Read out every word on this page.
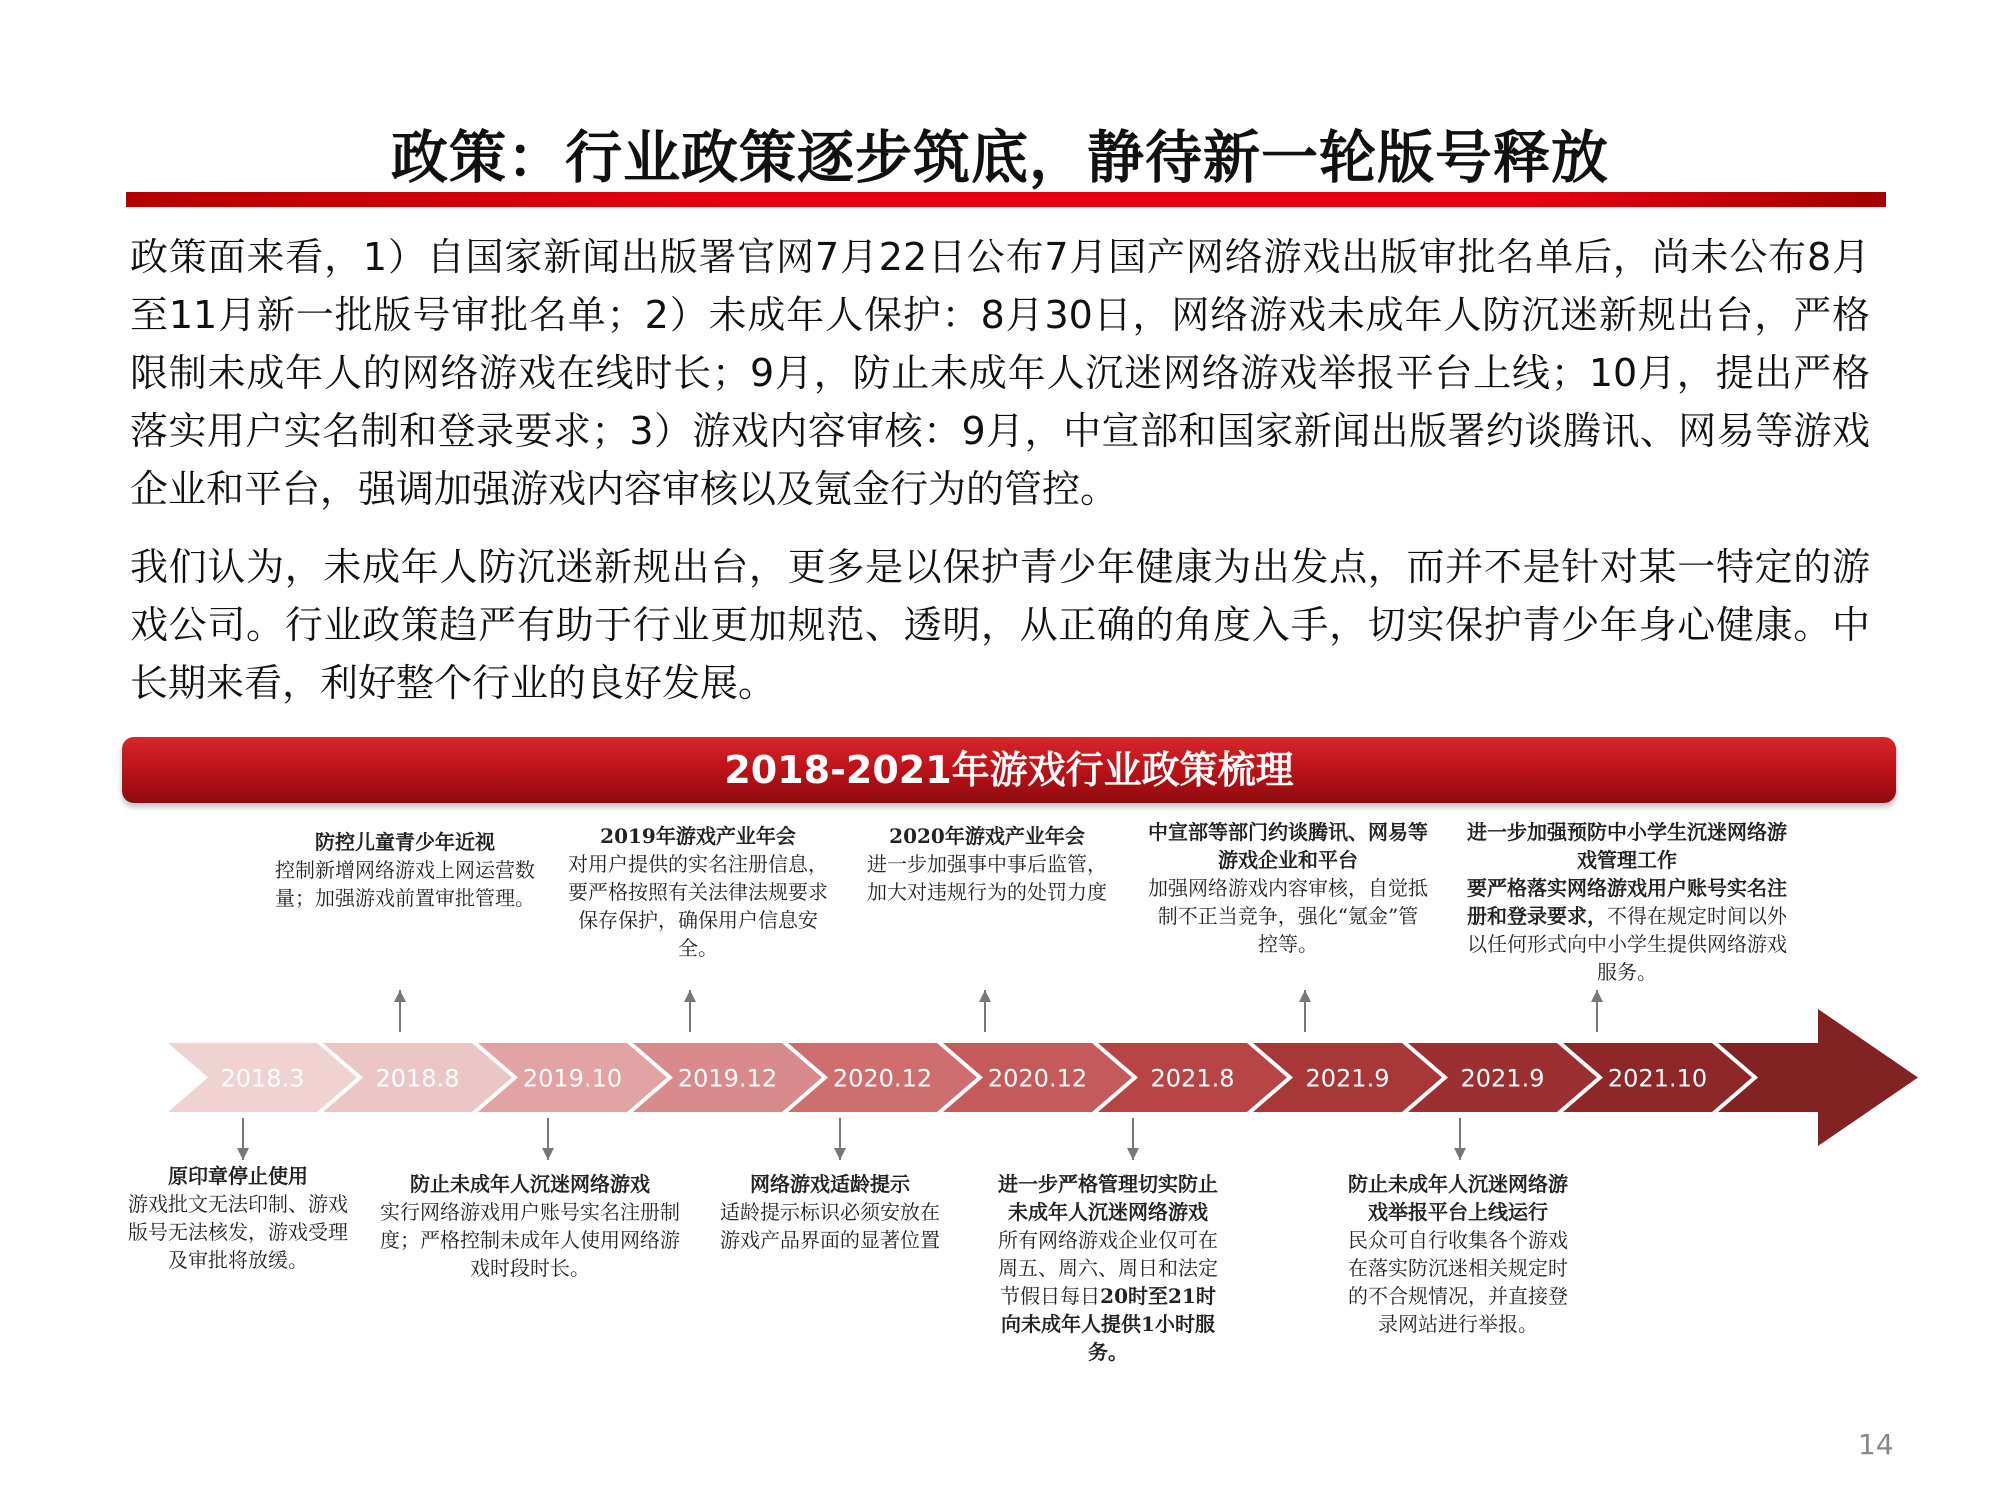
政策：行业政策逐步筑底，静待新一轮版号释放

政策面来看，1）自国家新闻出版署官网7月22日公布7月国产网络游戏出版审批名单后，尚未公布8月至11月新一批版号审批名单；2）未成年人保护：8月30日，网络游戏未成年人防沉迷新规出台，严格限制未成年人的网络游戏在线时长；9月，防止未成年人沉迷网络游戏举报平台上线；10月，提出严格落实用户实名制和登录要求；3）游戏内容审核：9月，中宣部和国家新闻出版署约谈腾讯、网易等游戏企业和平台，强调加强游戏内容审核以及氪金行为的管控。

我们认为，未成年人防沉迷新规出台，更多是以保护青少年健康为出发点，而并不是针对某一特定的游戏公司。行业政策趋严有助于行业更加规范、透明，从正确的角度入手，切实保护青少年身心健康。中长期来看，利好整个行业的良好发展。

2018-2021年游戏行业政策梳理
2018.3	2018.8	2019.10 2019.12 2020.12 2020.12	2021.8	2021.9	2021.9	2021.10
防控儿童青少年近视
控制新增网络游戏上网运营数量；加强游戏前置审批管理。
2019年游戏产业年会
对用户提供的实名注册信息，要严格按照有关法律法规要求保存保护，确保用户信息安全。
2020年游戏产业年会
进一步加强事中事后监管，加大对违规行为的处罚力度
中宣部等部门约谈腾讯、网易等游戏企业和平台
加强网络游戏内容审核，自觉抵制不正当竞争，强化“氪金”管控等。
进一步加强预防中小学生沉迷网络游戏管理工作
要严格落实网络游戏用户账号实名注册和登录要求，不得在规定时间以外以任何形式向中小学生提供网络游戏服务。
原印章停止使用
游戏批文无法印制、游戏版号无法核发，游戏受理及审批将放缓。
防止未成年人沉迷网络游戏
实行网络游戏用户账号实名注册制度；严格控制未成年人使用网络游戏时段时长。
网络游戏适龄提示
适龄提示标识必须安放在游戏产品界面的显著位置
进一步严格管理切实防止未成年人沉迷网络游戏
所有网络游戏企业仅可在周五、周六、周日和法定节假日每日20时至21时向未成年人提供1小时服务。
防止未成年人沉迷网络游戏举报平台上线运行
民众可自行收集各个游戏在落实防沉迷相关规定时的不合规情况，并直接登录网站进行举报。
14
